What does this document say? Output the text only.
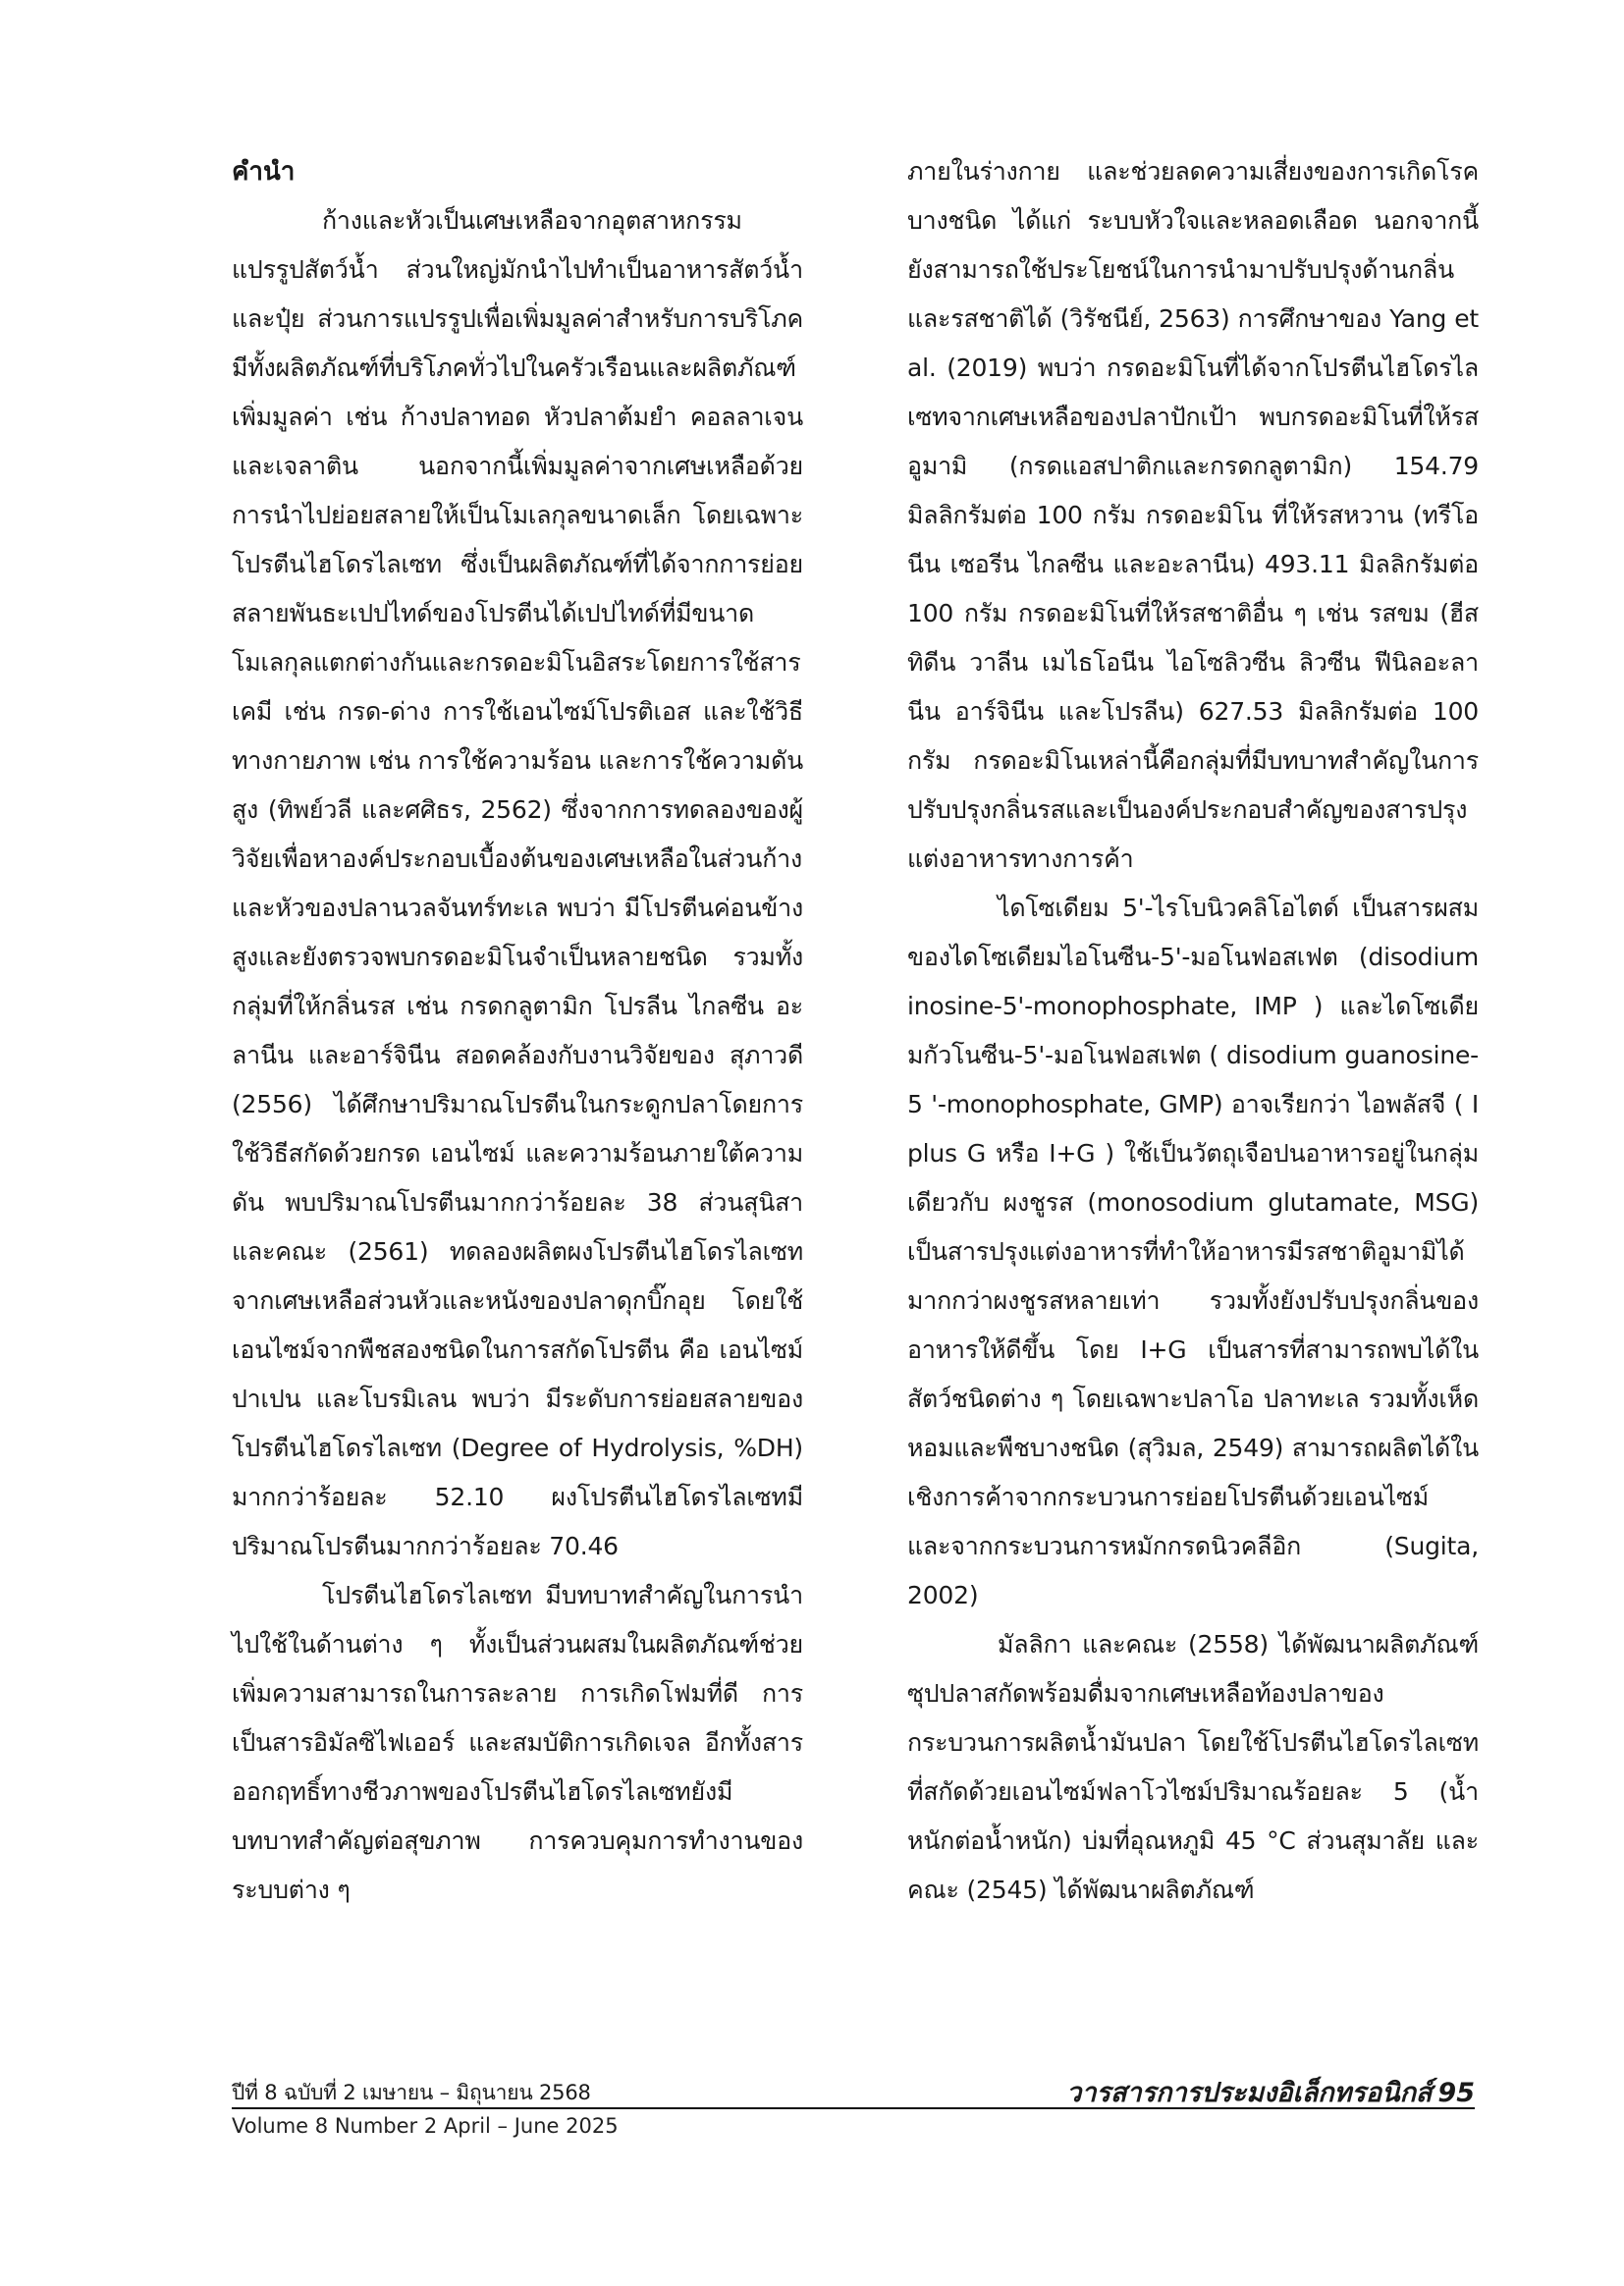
คำนำ

ก้างและหัวเป็นเศษเหลือจากอุตสาหกรรมแปรรูปสัตว์น้ำ ส่วนใหญ่มักนำไปทำเป็นอาหารสัตว์น้ำ และปุ๋ย ส่วนการแปรรูปเพื่อเพิ่มมูลค่าสำหรับการบริโภค มีทั้งผลิตภัณฑ์ที่บริโภคทั่วไปในครัวเรือนและผลิตภัณฑ์เพิ่มมูลค่า เช่น ก้างปลาทอด หัวปลาต้มยำ คอลลาเจน และเจลาติน นอกจากนี้เพิ่มมูลค่าจากเศษเหลือด้วยการนำไปย่อยสลายให้เป็นโมเลกุลขนาดเล็ก โดยเฉพาะโปรตีนไฮโดรไลเซท ซึ่งเป็นผลิตภัณฑ์ที่ได้จากการย่อยสลายพันธะเปปไทด์ของโปรตีนได้เปปไทด์ที่มีขนาดโมเลกุลแตกต่างกันและกรดอะมิโนอิสระโดยการใช้สารเคมี เช่น กรด-ด่าง การใช้เอนไซม์โปรติเอส และใช้วิธีทางกายภาพ เช่น การใช้ความร้อน และการใช้ความดันสูง (ทิพย์วลี และศศิธร, 2562) ซึ่งจากการทดลองของผู้วิจัยเพื่อหาองค์ประกอบเบื้องต้นของเศษเหลือในส่วนก้างและหัวของปลานวลจันทร์ทะเล พบว่า มีโปรตีนค่อนข้างสูงและยังตรวจพบกรดอะมิโนจำเป็นหลายชนิด รวมทั้งกลุ่มที่ให้กลิ่นรส เช่น กรดกลูตามิก โปรลีน ไกลซีน อะลานีน และอาร์จินีน สอดคล้องกับงานวิจัยของ สุภาวดี (2556) ได้ศึกษาปริมาณโปรตีนในกระดูกปลาโดยการใช้วิธีสกัดด้วยกรด เอนไซม์ และความร้อนภายใต้ความดัน พบปริมาณโปรตีนมากกว่าร้อยละ 38 ส่วนสุนิสา และคณะ (2561) ทดลองผลิตผงโปรตีนไฮโดรไลเซทจากเศษเหลือส่วนหัวและหนังของปลาดุกบิ๊กอุย โดยใช้เอนไซม์จากพืชสองชนิดในการสกัดโปรตีน คือ เอนไซม์ปาเปน และโบรมิเลน พบว่า มีระดับการย่อยสลายของโปรตีนไฮโดรไลเซท (Degree of Hydrolysis, %DH) มากกว่าร้อยละ 52.10 ผงโปรตีนไฮโดรไลเซทมีปริมาณโปรตีนมากกว่าร้อยละ 70.46

โปรตีนไฮโดรไลเซท มีบทบาทสำคัญในการนำไปใช้ในด้านต่าง ๆ ทั้งเป็นส่วนผสมในผลิตภัณฑ์ช่วยเพิ่มความสามารถในการละลาย การเกิดโฟมที่ดี การเป็นสารอิมัลซิไฟเออร์ และสมบัติการเกิดเจล อีกทั้งสารออกฤทธิ์ทางชีวภาพของโปรตีนไฮโดรไลเซทยังมีบทบาทสำคัญต่อสุขภาพ การควบคุมการทำงานของระบบต่าง ๆ

ภายในร่างกาย และช่วยลดความเสี่ยงของการเกิดโรคบางชนิด ได้แก่ ระบบหัวใจและหลอดเลือด นอกจากนี้ ยังสามารถใช้ประโยชน์ในการนำมาปรับปรุงด้านกลิ่นและรสชาติได้ (วิรัชนีย์, 2563) การศึกษาของ Yang et al. (2019) พบว่า กรดอะมิโนที่ได้จากโปรตีนไฮโดรไลเซทจากเศษเหลือของปลาปักเป้า พบกรดอะมิโนที่ให้รสอูมามิ (กรดแอสปาติกและกรดกลูตามิก) 154.79 มิลลิกรัมต่อ 100 กรัม กรดอะมิโน ที่ให้รสหวาน (ทรีโอนีน เซอรีน ไกลซีน และอะลานีน) 493.11 มิลลิกรัมต่อ 100 กรัม กรดอะมิโนที่ให้รสชาติอื่น ๆ เช่น รสขม (ฮีสทิดีน วาลีน เมไธโอนีน ไอโซลิวซีน ลิวซีน ฟีนิลอะลานีน อาร์จินีน และโปรลีน) 627.53 มิลลิกรัมต่อ 100 กรัม กรดอะมิโนเหล่านี้คือกลุ่มที่มีบทบาทสำคัญในการปรับปรุงกลิ่นรสและเป็นองค์ประกอบสำคัญของสารปรุงแต่งอาหารทางการค้า

ไดโซเดียม 5'-ไรโบนิวคลิโอไตด์ เป็นสารผสมของไดโซเดียมไอโนซีน-5'-มอโนฟอสเฟต (disodium inosine-5'-monophosphate, IMP ) และไดโซเดียมกัวโนซีน-5'-มอโนฟอสเฟต ( disodium guanosine-5 '-monophosphate, GMP) อาจเรียกว่า ไอพลัสจี ( I plus G หรือ I+G ) ใช้เป็นวัตถุเจือปนอาหารอยู่ในกลุ่มเดียวกับ ผงชูรส (monosodium glutamate, MSG) เป็นสารปรุงแต่งอาหารที่ทำให้อาหารมีรสชาติอูมามิได้มากกว่าผงชูรสหลายเท่า รวมทั้งยังปรับปรุงกลิ่นของอาหารให้ดีขึ้น โดย I+G เป็นสารที่สามารถพบได้ในสัตว์ชนิดต่าง ๆ โดยเฉพาะปลาโอ ปลาทะเล รวมทั้งเห็ดหอมและพืชบางชนิด (สุวิมล, 2549) สามารถผลิตได้ในเชิงการค้าจากกระบวนการย่อยโปรตีนด้วยเอนไซม์ และจากกระบวนการหมักกรดนิวคลีอิก (Sugita, 2002)

มัลลิกา และคณะ (2558) ได้พัฒนาผลิตภัณฑ์ซุปปลาสกัดพร้อมดื่มจากเศษเหลือท้องปลาของกระบวนการผลิตน้ำมันปลา โดยใช้โปรตีนไฮโดรไลเซทที่สกัดด้วยเอนไซม์ฟลาโวไซม์ปริมาณร้อยละ 5 (น้ำหนักต่อน้ำหนัก) บ่มที่อุณหภูมิ 45 °C ส่วนสุมาลัย และคณะ (2545) ได้พัฒนาผลิตภัณฑ์

ปีที่ 8 ฉบับที่ 2 เมษายน – มิถุนายน 2568
Volume 8 Number 2 April – June 2025
วารสารการประมงอิเล็กทรอนิกส์ 95
